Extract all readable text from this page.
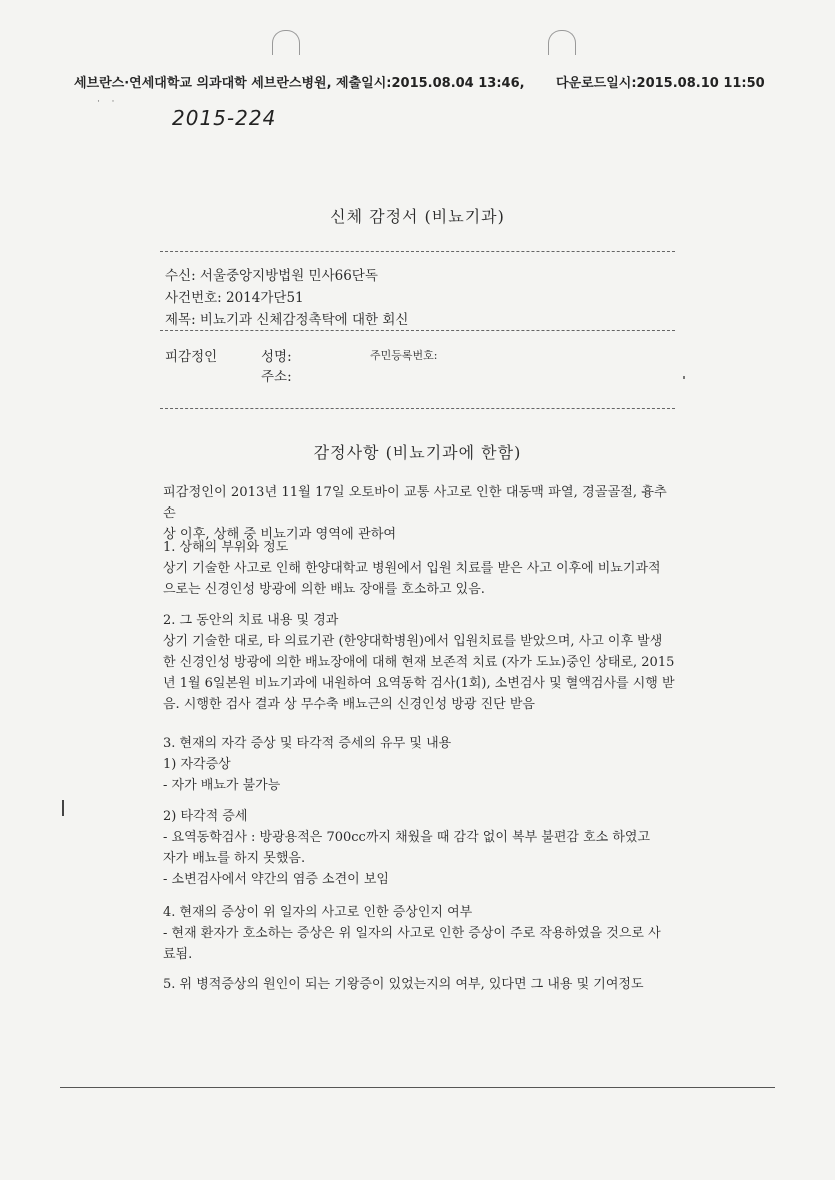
세브란스·연세대학교 의과대학 세브란스병원, 제출일시:2015.08.04 13:46, 다운로드일시:2015.08.10 11:50
˙   ˙
2015-224
신체 감정서 (비뇨기과)
수신: 서울중앙지방법원 민사66단독
사건번호: 2014가단51
제목: 비뇨기과 신체감정촉탁에 대한 회신
피감정인	성명:	주민등록번호:
주소:
감정사항 (비뇨기과에 한함)

피감정인이 2013년 11월 17일 오토바이 교통 사고로 인한 대동맥 파열, 경골골절, 흉추 손

상 이후, 상해 중 비뇨기과 영역에 관하여

1. 상해의 부위와 정도

상기 기술한 사고로 인해 한양대학교 병원에서 입원 치료를 받은 사고 이후에 비뇨기과적

으로는 신경인성 방광에 의한 배뇨 장애를 호소하고 있음.

2. 그 동안의 치료 내용 및 경과

상기 기술한 대로, 타 의료기관 (한양대학병원)에서 입원치료를 받았으며, 사고 이후 발생

한 신경인성 방광에 의한 배뇨장애에 대해 현재 보존적 치료 (자가 도뇨)중인 상태로, 2015

년 1월 6일본원 비뇨기과에 내원하여 요역동학 검사(1회), 소변검사 및 혈액검사를 시행 받

음. 시행한 검사 결과 상 무수축 배뇨근의 신경인성 방광 진단 받음

3. 현재의 자각 증상 및 타각적 증세의 유무 및 내용

1) 자각증상

- 자가 배뇨가 불가능

2) 타각적 증세

- 요역동학검사 : 방광용적은 700cc까지 채웠을 때 감각 없이 복부 불편감 호소 하였고

자가 배뇨를 하지 못했음.

- 소변검사에서 약간의 염증 소견이 보임

4. 현재의 증상이 위 일자의 사고로 인한 증상인지 여부

- 현재 환자가 호소하는 증상은 위 일자의 사고로 인한 증상이 주로 작용하였을 것으로 사

료됨.

5. 위 병적증상의 원인이 되는 기왕증이 있었는지의 여부, 있다면 그 내용 및 기여정도
